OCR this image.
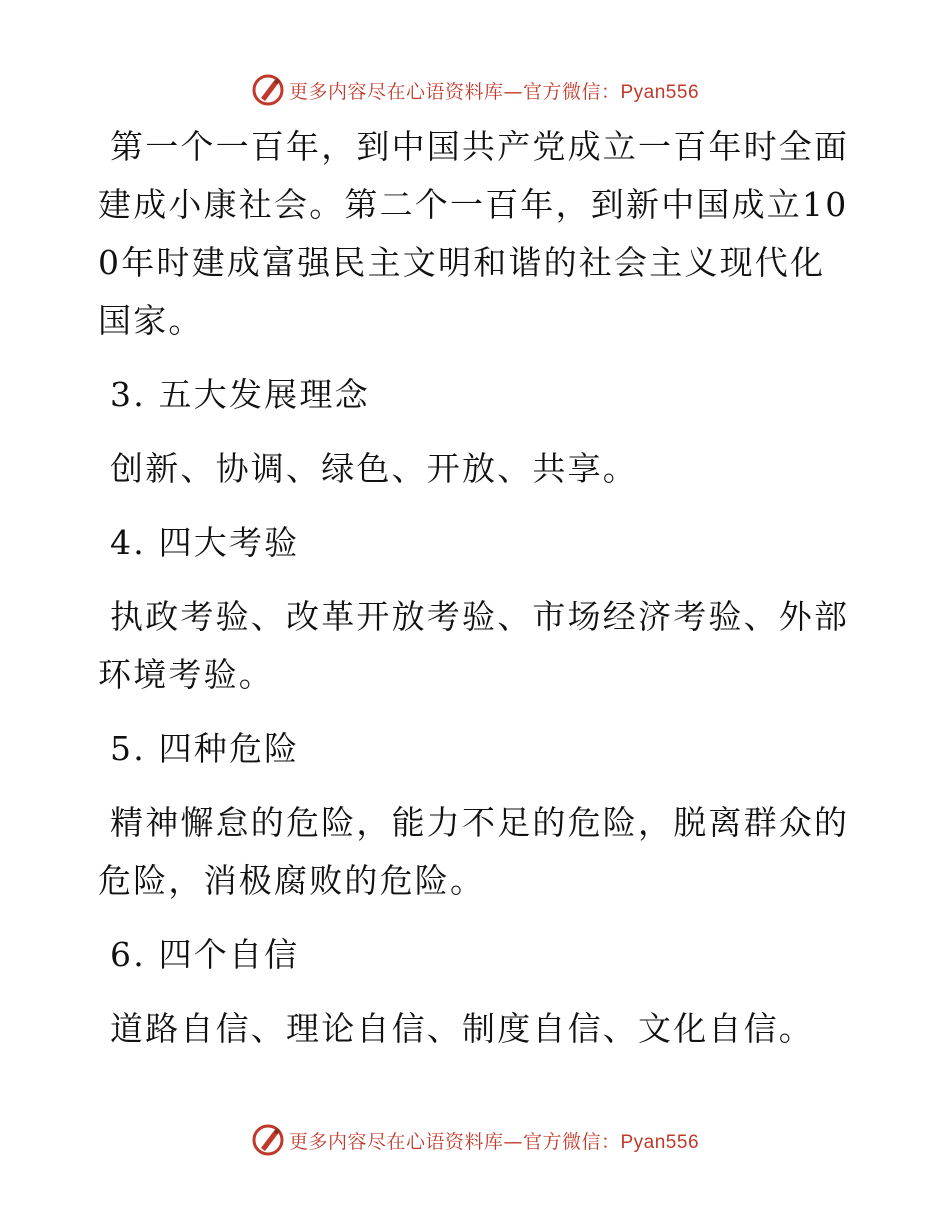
更多内容尽在心语资料库—官方微信：Pyan556

第一个一百年，到中国共产党成立一百年时全面建成小康社会。第二个一百年，到新中国成立100年时建成富强民主文明和谐的社会主义现代化国家。

3. 五大发展理念

创新、协调、绿色、开放、共享。

4. 四大考验

执政考验、改革开放考验、市场经济考验、外部环境考验。

5. 四种危险

精神懈怠的危险，能力不足的危险，脱离群众的危险，消极腐败的危险。

6. 四个自信

道路自信、理论自信、制度自信、文化自信。

更多内容尽在心语资料库—官方微信：Pyan556
